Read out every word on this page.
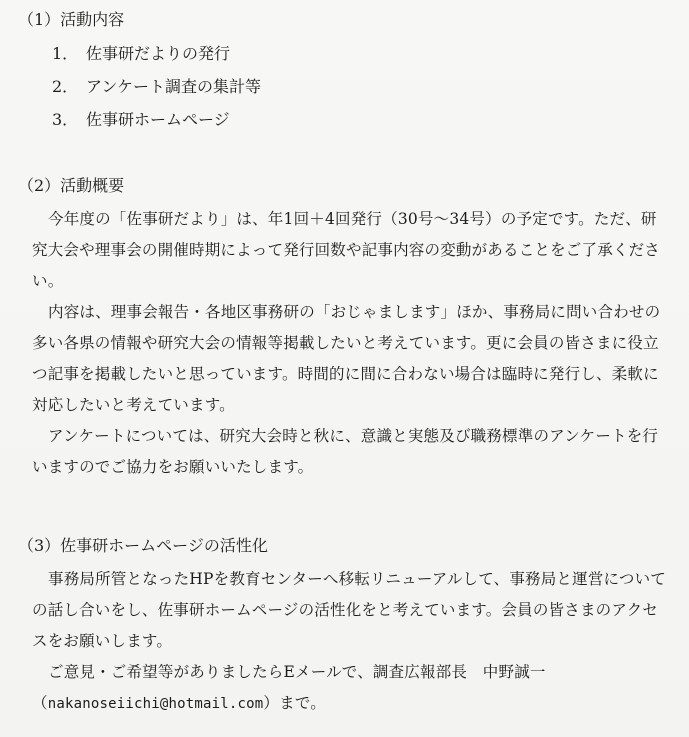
（1）活動内容
1． 佐事研だよりの発行
2． アンケート調査の集計等
3． 佐事研ホームページ
（2）活動概要

今年度の「佐事研だより」は、年1回＋4回発行（30号～34号）の予定です。ただ、研究大会や理事会の開催時期によって発行回数や記事内容の変動があることをご了承ください。

内容は、理事会報告・各地区事務研の「おじゃまします」ほか、事務局に問い合わせの多い各県の情報や研究大会の情報等掲載したいと考えています。更に会員の皆さまに役立つ記事を掲載したいと思っています。時間的に間に合わない場合は臨時に発行し、柔軟に対応したいと考えています。

アンケートについては、研究大会時と秋に、意識と実態及び職務標準のアンケートを行いますのでご協力をお願いいたします。

（3）佐事研ホームページの活性化

事務局所管となったHPを教育センターへ移転リニューアルして、事務局と運営についての話し合いをし、佐事研ホームページの活性化をと考えています。会員の皆さまのアクセスをお願いします。

ご意見・ご希望等がありましたらEメールで、調査広報部長　中野誠一

（nakanoseiichi@hotmail.com）まで。
